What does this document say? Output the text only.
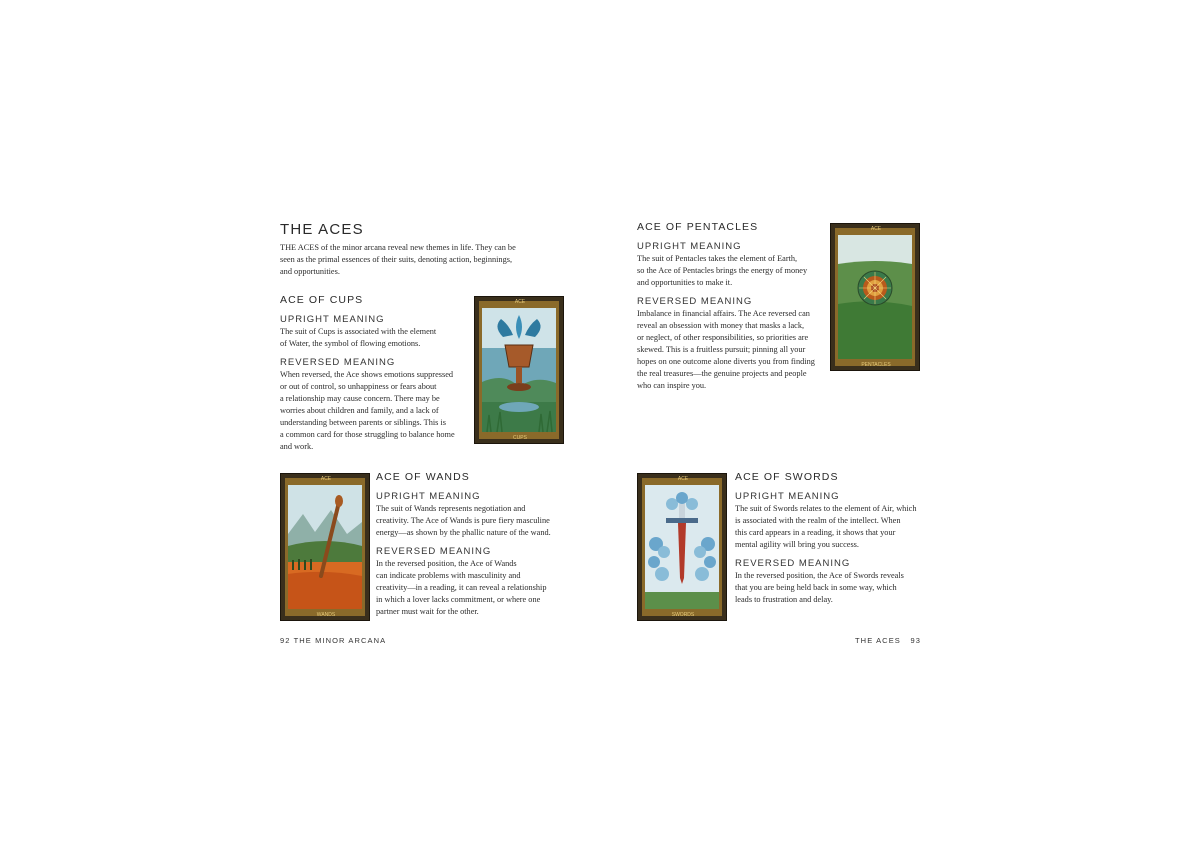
THE ACES

THE ACES of the minor arcana reveal new themes in life. They can be
seen as the primal essences of their suits, denoting action, beginnings,
and opportunities.

ACE OF CUPS
UPRIGHT MEANING

The suit of Cups is associated with the element
of Water, the symbol of flowing emotions.

REVERSED MEANING

When reversed, the Ace shows emotions suppressed
or out of control, so unhappiness or fears about
a relationship may cause concern. There may be
worries about children and family, and a lack of
understanding between parents or siblings. This is
a common card for those struggling to balance home
and work.

ACE
CUPS
ACE
WANDS
ACE OF WANDS
UPRIGHT MEANING

The suit of Wands represents negotiation and
creativity. The Ace of Wands is pure fiery masculine
energy—as shown by the phallic nature of the wand.

REVERSED MEANING

In the reversed position, the Ace of Wands
can indicate problems with masculinity and
creativity—in a reading, it can reveal a relationship
in which a lover lacks commitment, or where one
partner must wait for the other.

92 THE MINOR ARCANA
ACE OF PENTACLES
UPRIGHT MEANING

The suit of Pentacles takes the element of Earth,
so the Ace of Pentacles brings the energy of money
and opportunities to make it.

REVERSED MEANING

Imbalance in financial affairs. The Ace reversed can
reveal an obsession with money that masks a lack,
or neglect, of other responsibilities, so priorities are
skewed. This is a fruitless pursuit; pinning all your
hopes on one outcome alone diverts you from finding
the real treasures—the genuine projects and people
who can inspire you.

ACE
PENTACLES
ACE
SWORDS
ACE OF SWORDS
UPRIGHT MEANING

The suit of Swords relates to the element of Air, which
is associated with the realm of the intellect. When
this card appears in a reading, it shows that your
mental agility will bring you success.

REVERSED MEANING

In the reversed position, the Ace of Swords reveals
that you are being held back in some way, which
leads to frustration and delay.

THE ACES   93
